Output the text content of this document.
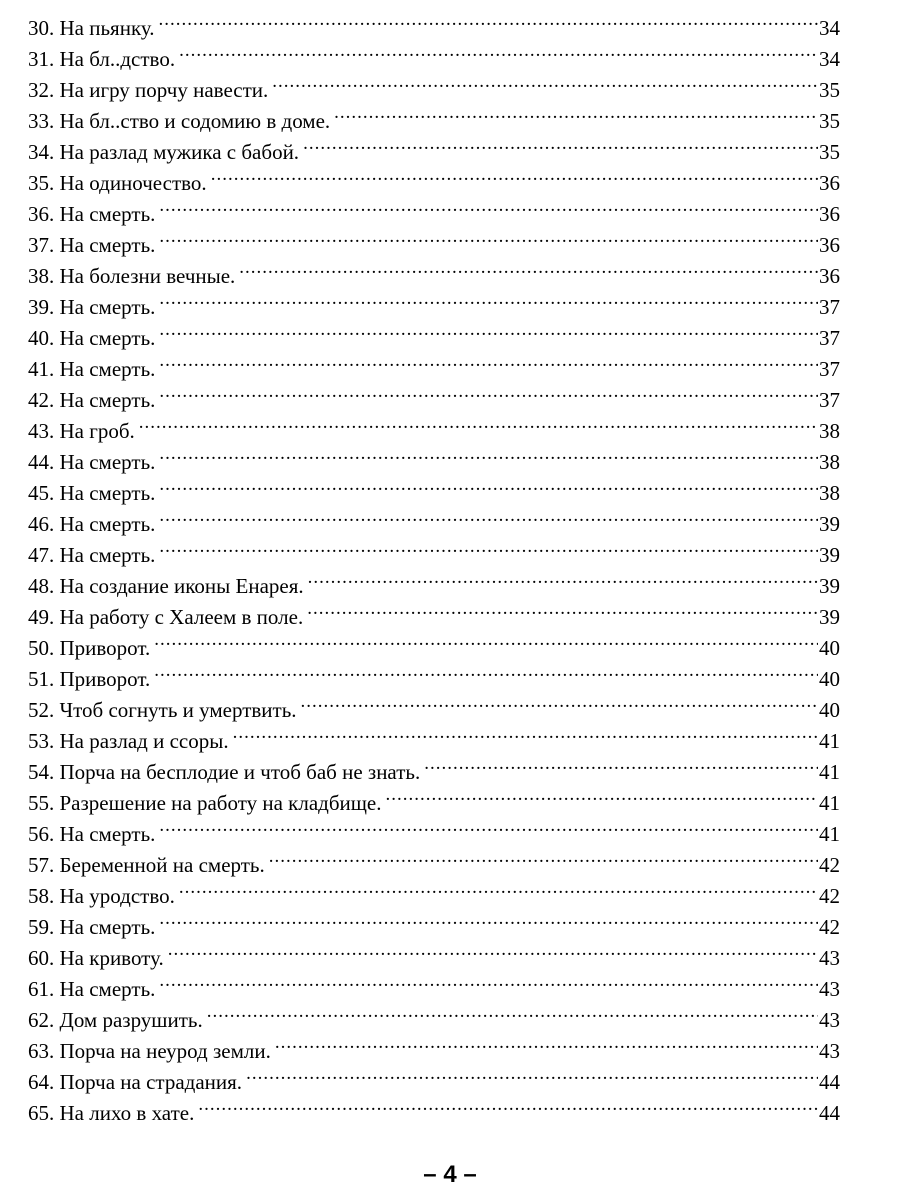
30. На пьянку. .....	34
31. На бл..дство. .....	34
32. На игру порчу навести. .....	35
33. На бл..ство и содомию в доме. .....	35
34. На разлад мужика с бабой. .....	35
35. На одиночество. .....	36
36. На смерть. .....	36
37. На смерть. .....	36
38. На болезни вечные. .....	36
39. На смерть. .....	37
40. На смерть. .....	37
41. На смерть. .....	37
42. На смерть. .....	37
43. На гроб. .....	38
44. На смерть. .....	38
45. На смерть. .....	38
46. На смерть. .....	39
47. На смерть. .....	39
48. На создание иконы Енарея. .....	39
49. На работу с Халеем в поле. .....	39
50. Приворот. .....	40
51. Приворот. .....	40
52. Чтоб согнуть и умертвить. .....	40
53. На разлад и ссоры. .....	41
54. Порча на бесплодие и чтоб баб не знать. .....	41
55. Разрешение на работу на кладбище. .....	41
56. На смерть. .....	41
57. Беременной на смерть. .....	42
58. На уродство. .....	42
59. На смерть. .....	42
60. На кривоту. .....	43
61. На смерть. .....	43
62. Дом разрушить. .....	43
63. Порча на неурод земли. .....	43
64. Порча на страдания. .....	44
65. На лихо в хате. .....	44
– 4 –
